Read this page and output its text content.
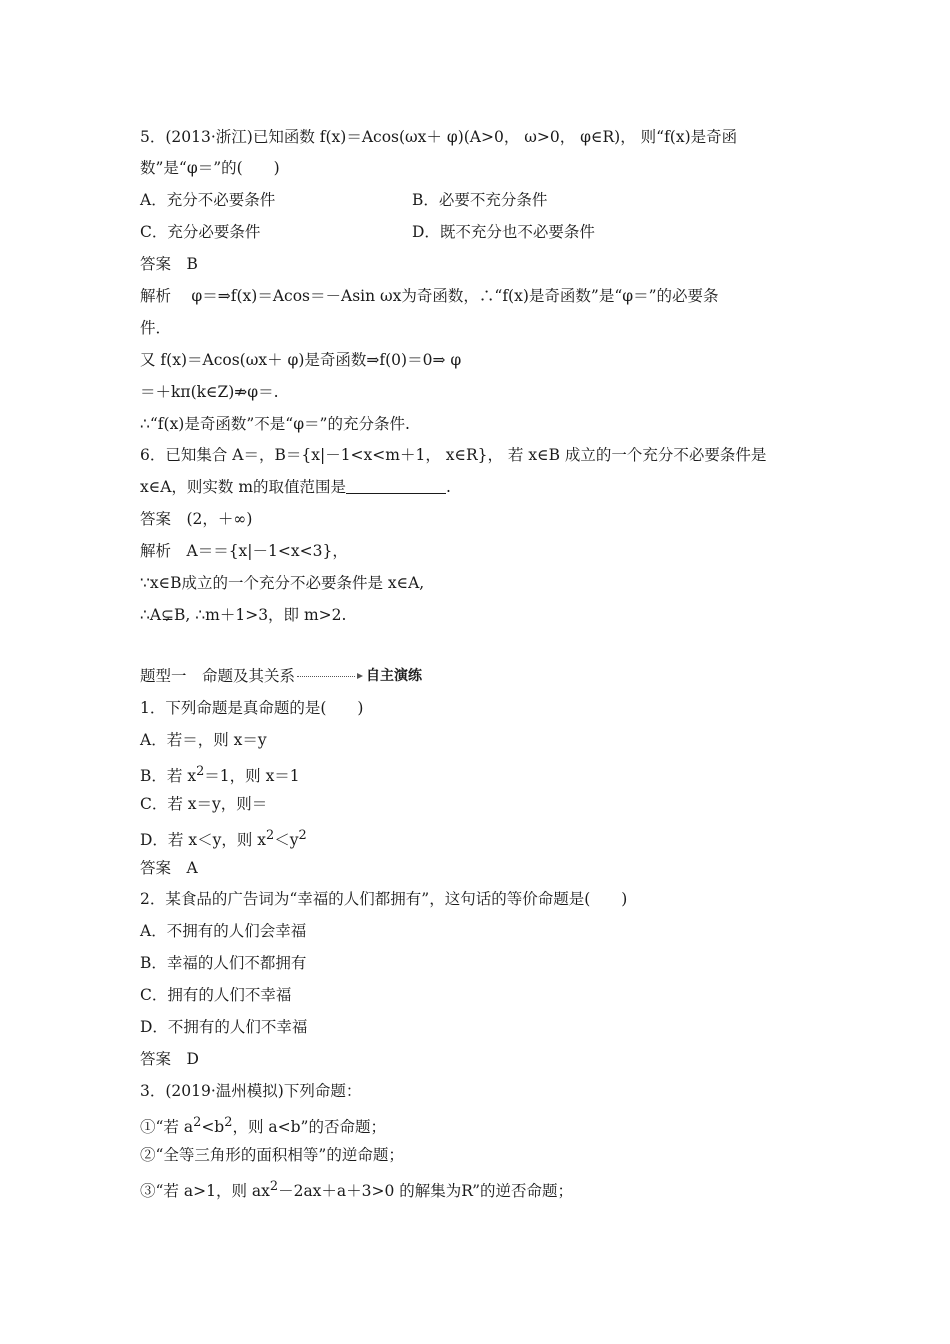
5．(2013·浙江)已知函数 f(x)＝Acos(ωx＋ φ)(A>0， ω>0， φ∈R)， 则“f(x)是奇函
数”是“φ＝”的(　　)
A．充分不必要条件	B．必要不充分条件
C．充分必要条件	D．既不充分也不必要条件
答案　B
解析　 φ＝⇒f(x)＝Acos＝－Asin ωx为奇函数，∴“f(x)是奇函数”是“φ＝”的必要条
件．
又 f(x)＝Acos(ωx＋ φ)是奇函数⇒f(0)＝0⇒ φ
＝＋kπ(k∈Z)⇏φ＝.
∴“f(x)是奇函数”不是“φ＝”的充分条件.
6．已知集合 A＝，B＝{x|－1<x<m＋1， x∈R}， 若 x∈B 成立的一个充分不必要条件是
x∈A，则实数 m的取值范围是	.
答案　(2，＋∞)
解析　A＝＝{x|－1<x<3}，
∵x∈B成立的一个充分不必要条件是 x∈A,
∴A⊊B, ∴m＋1>3，即 m>2.
题型一　命题及其关系	自主演练
1．下列命题是真命题的是(　　)
A．若＝，则 x＝y
B．若 $x^2=1$，则 x＝1
C．若 x＝y，则＝
D．若 x＜y，则 $x^2<y^2$
答案　A
2．某食品的广告词为“幸福的人们都拥有”，这句话的等价命题是(　　)
A．不拥有的人们会幸福
B．幸福的人们不都拥有
C．拥有的人们不幸福
D．不拥有的人们不幸福
答案　D
3．(2019·温州模拟)下列命题：
①“若 $a^2<b^2$，则 a<b”的否命题；
②“全等三角形的面积相等”的逆命题；
③“若 a>1，则 $ax^2-2ax+a+3>0$ 的解集为R”的逆否命题；
